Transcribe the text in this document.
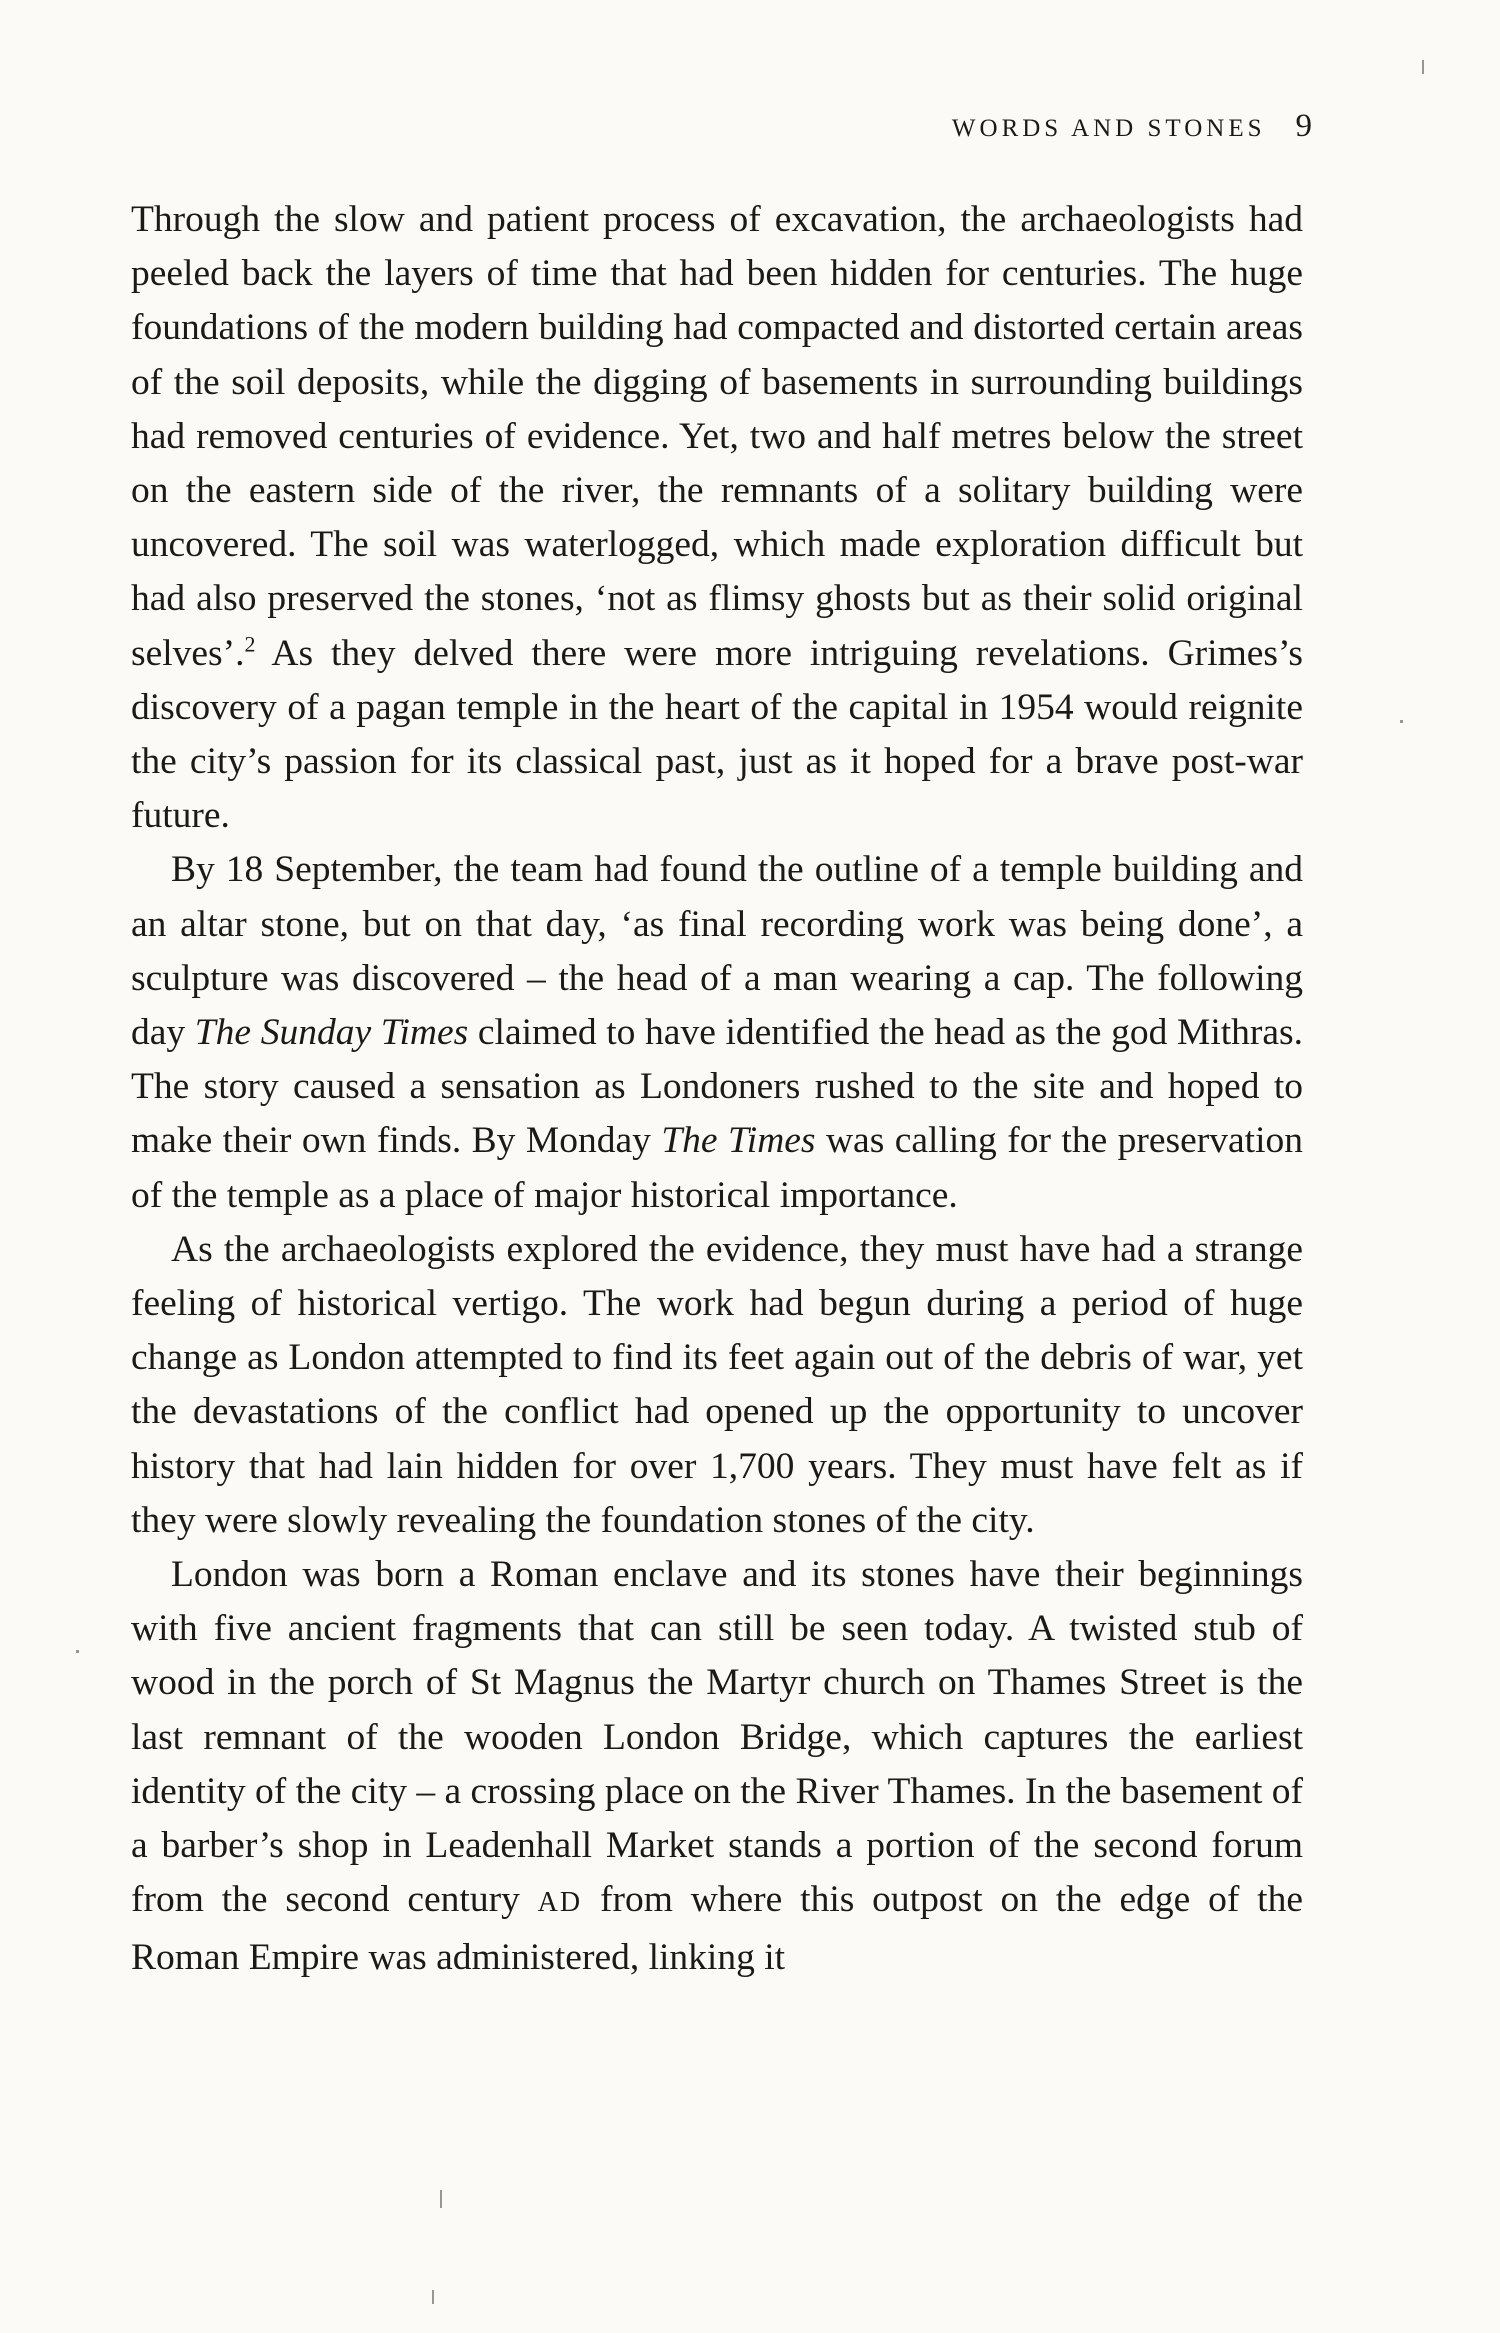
WORDS AND STONES 9

Through the slow and patient process of excavation, the archaeologists had peeled back the layers of time that had been hidden for centuries. The huge foundations of the modern building had compacted and distorted certain areas of the soil deposits, while the digging of basements in surrounding buildings had removed centuries of evidence. Yet, two and half metres below the street on the eastern side of the river, the remnants of a solitary building were uncovered. The soil was waterlogged, which made exploration difficult but had also preserved the stones, ‘not as flimsy ghosts but as their solid original selves’.$^2$ As they delved there were more intriguing revelations. Grimes’s discovery of a pagan temple in the heart of the capital in 1954 would reignite the city’s passion for its classical past, just as it hoped for a brave post-war future.

By 18 September, the team had found the outline of a temple building and an altar stone, but on that day, ‘as final recording work was being done’, a sculpture was discovered – the head of a man wearing a cap. The following day The Sunday Times claimed to have identified the head as the god Mithras. The story caused a sensation as Londoners rushed to the site and hoped to make their own finds. By Monday The Times was calling for the preservation of the temple as a place of major historical importance.

As the archaeologists explored the evidence, they must have had a strange feeling of historical vertigo. The work had begun during a period of huge change as London attempted to find its feet again out of the debris of war, yet the devastations of the conflict had opened up the opportunity to uncover history that had lain hidden for over 1,700 years. They must have felt as if they were slowly revealing the foundation stones of the city.

London was born a Roman enclave and its stones have their beginnings with five ancient fragments that can still be seen today. A twisted stub of wood in the porch of St Magnus the Martyr church on Thames Street is the last remnant of the wooden London Bridge, which captures the earliest identity of the city – a crossing place on the River Thames. In the basement of a barber’s shop in Leadenhall Market stands a portion of the second forum from the second century AD from where this outpost on the edge of the Roman Empire was administered, linking it
